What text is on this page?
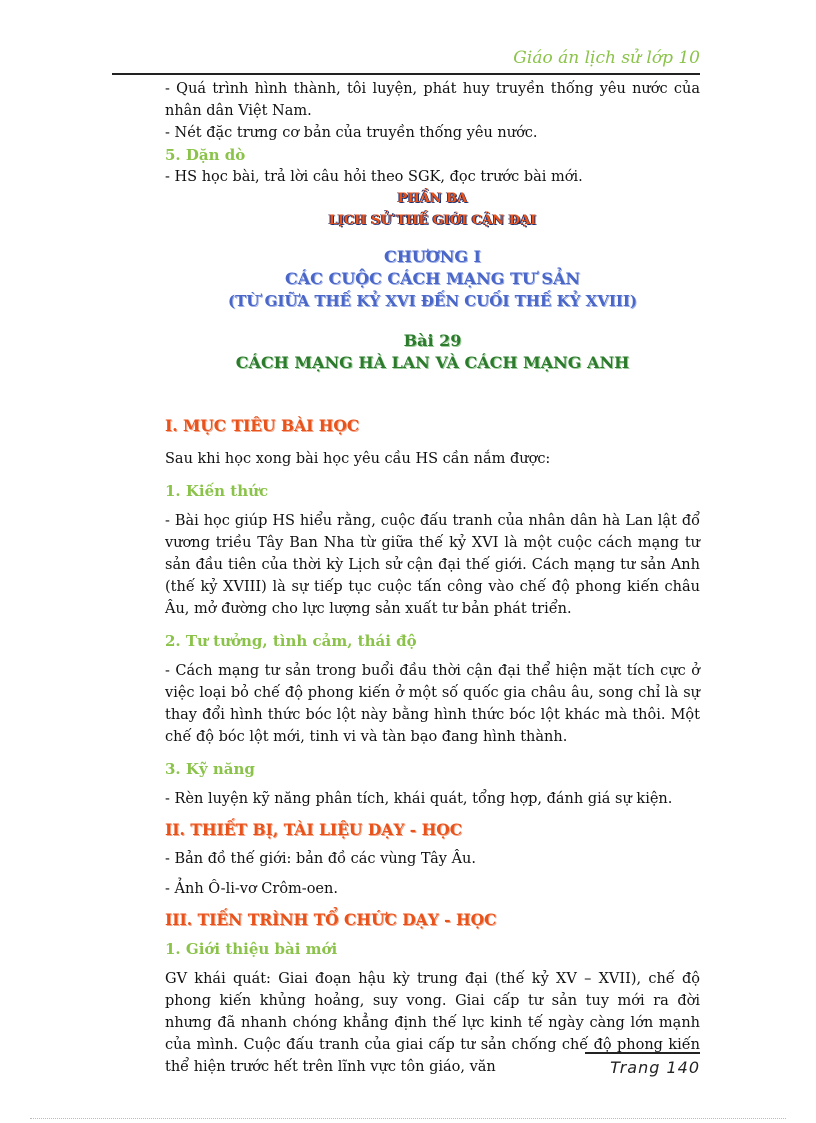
Giáo án lịch sử lớp 10

- Quá trình hình thành, tôi luyện, phát huy truyền thống yêu nước của nhân dân Việt Nam.

- Nét đặc trưng cơ bản của truyền thống yêu nước.

5. Dặn dò

- HS học bài, trả lời câu hỏi theo SGK, đọc trước bài mới.

PHẦN BA

LỊCH SỬ THẾ GIỚI CẬN ĐẠI

CHƯƠNG I

CÁC CUỘC CÁCH MẠNG TƯ SẢN

(TỪ GIỮA THẾ KỶ XVI ĐẾN CUỐI THẾ KỶ XVIII)

Bài 29

CÁCH MẠNG HÀ LAN VÀ CÁCH MẠNG ANH

I. MỤC TIÊU BÀI HỌC

Sau khi học xong bài học yêu cầu HS cần nắm được:

1. Kiến thức

- Bài học giúp HS hiểu rằng, cuộc đấu tranh của nhân dân hà Lan lật đổ vương triều Tây Ban Nha từ giữa thế kỷ XVI là một cuộc cách mạng tư sản đầu tiên của thời kỳ Lịch sử cận đại thế giới. Cách mạng tư sản Anh (thế kỷ XVIII) là sự tiếp tục cuộc tấn công vào chế độ phong kiến châu Âu, mở đường cho lực lượng sản xuất tư bản phát triển.

2. Tư tưởng, tình cảm, thái độ

- Cách mạng tư sản trong buổi đầu thời cận đại thể hiện mặt tích cực ở việc loại bỏ chế độ phong kiến ở một số quốc gia châu âu, song chỉ là sự thay đổi hình thức bóc lột này bằng hình thức bóc lột khác mà thôi. Một chế độ bóc lột mới, tinh vi và tàn bạo đang hình thành.

3. Kỹ năng

- Rèn luyện kỹ năng phân tích, khái quát, tổng hợp, đánh giá sự kiện.

II. THIẾT BỊ, TÀI LIỆU DẠY - HỌC

- Bản đồ thế giới: bản đồ các vùng Tây Âu.

- Ảnh Ô-li-vơ Crôm-oen.

III. TIẾN TRÌNH TỔ CHỨC DẠY - HỌC

1. Giới thiệu bài mới

GV khái quát: Giai đoạn hậu kỳ trung đại (thế kỷ XV – XVII), chế độ phong kiến khủng hoảng, suy vong. Giai cấp tư sản tuy mới ra đời nhưng đã nhanh chóng khẳng định thế lực kinh tế ngày càng lớn mạnh của mình. Cuộc đấu tranh của giai cấp tư sản chống chế độ phong kiến thể hiện trước hết trên lĩnh vực tôn giáo, văn	Trang 140
